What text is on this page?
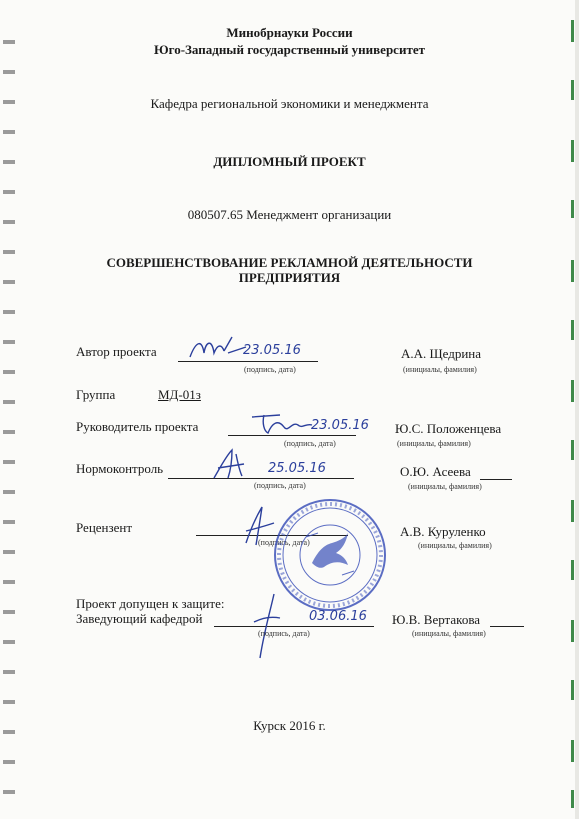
Минобрнауки России
Юго-Западный государственный университет
Кафедра региональной экономики и менеджмента
ДИПЛОМНЫЙ ПРОЕКТ
080507.65 Менеджмент организации
СОВЕРШЕНСТВОВАНИЕ РЕКЛАМНОЙ ДЕЯТЕЛЬНОСТИ
ПРЕДПРИЯТИЯ
Автор проекта	23.05.16
(подпись, дата)
А.А. Щедрина
(инициалы, фамилия)
Группа	МД-01з
Руководитель проекта	23.05.16
(подпись, дата)
Ю.С. Положенцева
(инициалы, фамилия)
Нормоконтроль	25.05.16
(подпись, дата)
О.Ю. Асеева
(инициалы, фамилия)
Рецензент
(подпись, дата)
А.В. Куруленко
(инициалы, фамилия)
Проект допущен к защите:
Заведующий кафедрой	03.06.16
(подпись, дата)
Ю.В. Вертакова
(инициалы, фамилия)
Курск 2016 г.
